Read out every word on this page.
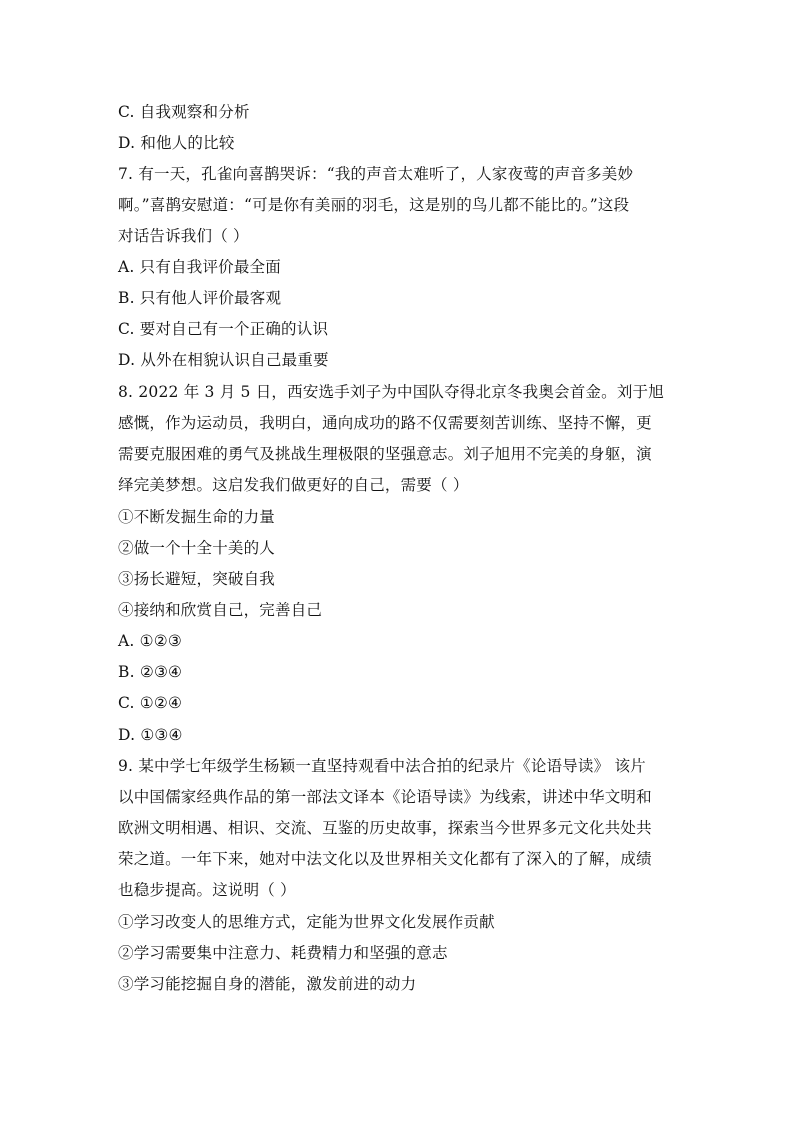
C. 自我观察和分析
D. 和他人的比较
7. 有一天，孔雀向喜鹊哭诉：“我的声音太难听了，人家夜莺的声音多美妙
啊。”喜鹊安慰道：“可是你有美丽的羽毛，这是别的鸟儿都不能比的。”这段
对话告诉我们（ ）
A. 只有自我评价最全面
B. 只有他人评价最客观
C. 要对自己有一个正确的认识
D. 从外在相貌认识自己最重要
8. 2022 年 3 月 5 日，西安选手刘子为中国队夺得北京冬我奥会首金。刘于旭
感慨，作为运动员，我明白，通向成功的路不仅需要刻苦训练、坚持不懈，更
需要克服困难的勇气及挑战生理极限的坚强意志。刘子旭用不完美的身躯，演
绎完美梦想。这启发我们做更好的自己，需要（ ）
①不断发掘生命的力量
②做一个十全十美的人
③扬长避短，突破自我
④接纳和欣赏自己，完善自己
A. ①②③
B. ②③④
C. ①②④
D. ①③④
9. 某中学七年级学生杨颖一直坚持观看中法合拍的纪录片《论语导读》 该片
以中国儒家经典作品的第一部法文译本《论语导读》为线索，讲述中华文明和
欧洲文明相遇、相识、交流、互鉴的历史故事，探索当今世界多元文化共处共
荣之道。一年下来，她对中法文化以及世界相关文化都有了深入的了解，成绩
也稳步提高。这说明（ ）
①学习改变人的思维方式，定能为世界文化发展作贡献
②学习需要集中注意力、耗费精力和坚强的意志
③学习能挖掘自身的潜能，激发前进的动力
